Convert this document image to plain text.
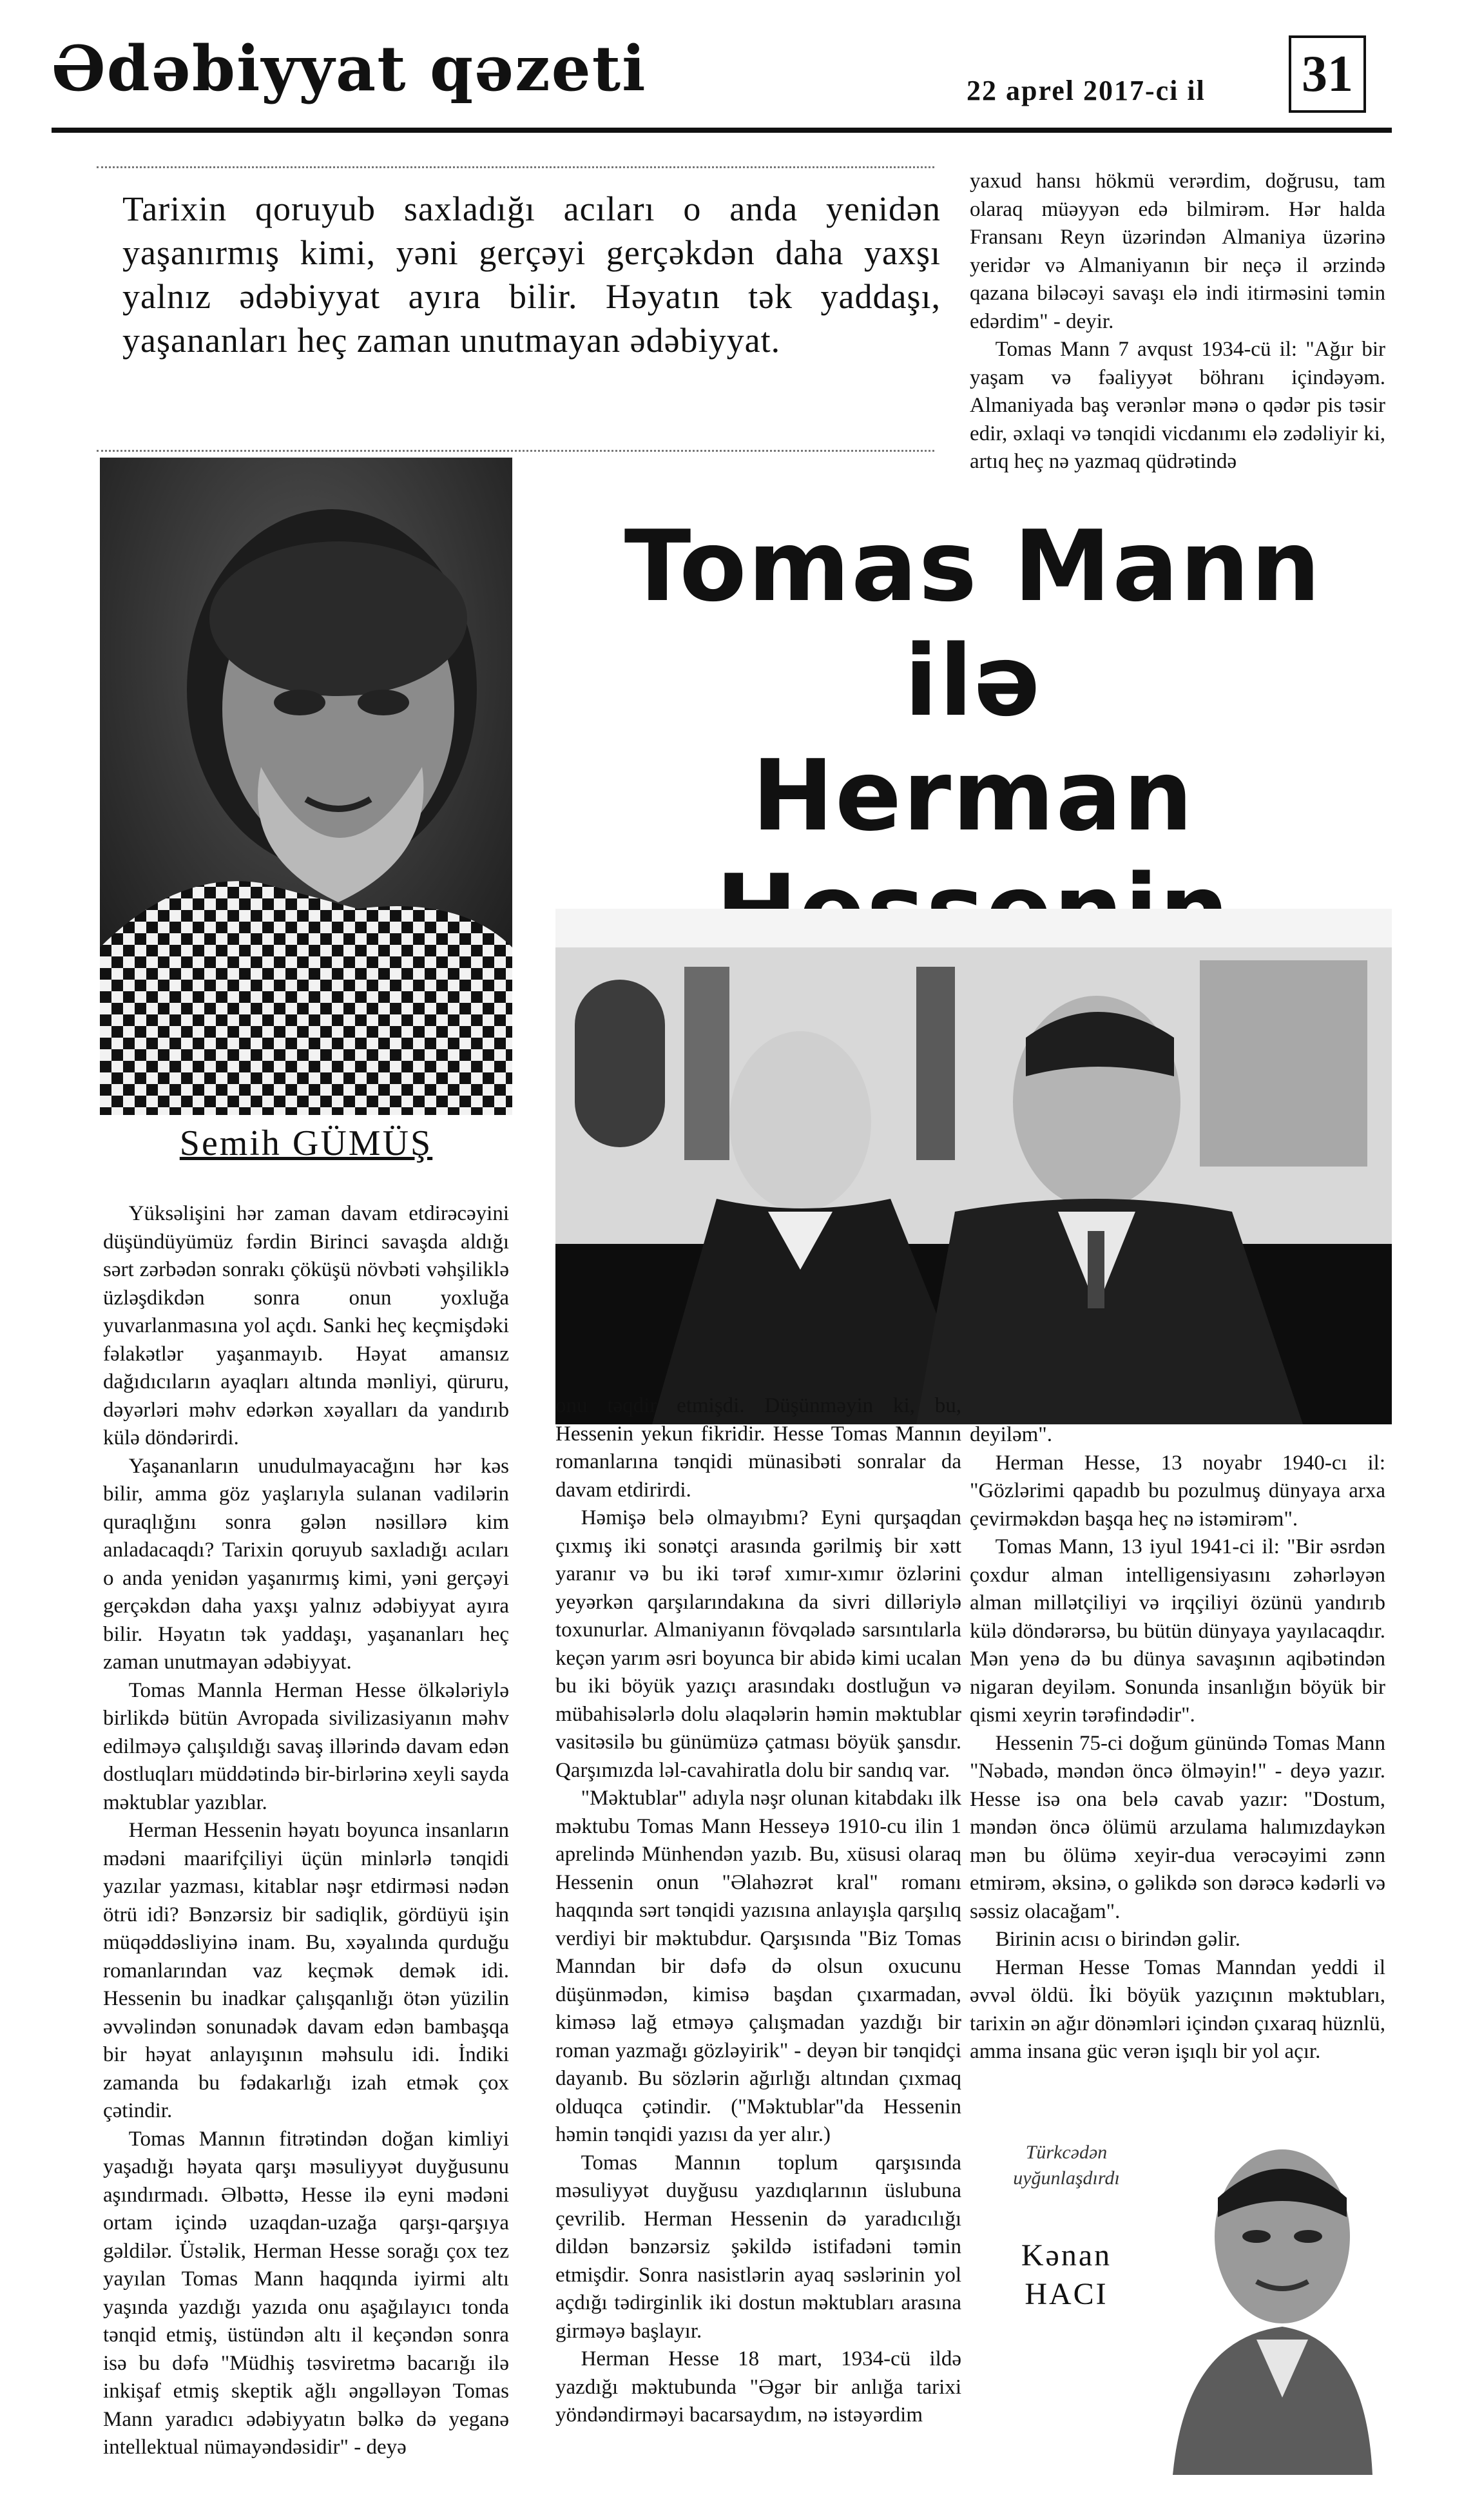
Ədəbiyyat qəzeti	22 aprel 2017-ci il 31
Tarixin qoruyub saxladığı acıları o anda yenidən yaşanırmış kimi, yəni gerçəyi gerçəkdən daha yaxşı yalnız ədəbiyyat ayıra bilir. Həyatın tək yaddaşı, yaşananları heç zaman unutmayan ədəbiyyat.

yaxud hansı hökmü verərdim, doğrusu, tam olaraq müəyyən edə bilmirəm. Hər halda Fransanı Reyn üzərindən Almaniya üzərinə yeridər və Almaniyanın bir neçə il ərzində qazana biləcəyi savaşı elə indi itirməsini təmin edərdim" - deyir.

Tomas Mann 7 avqust 1934-cü il: "Ağır bir yaşam və fəaliyyət böhranı içindəyəm. Almaniyada baş verənlər mənə o qədər pis təsir edir, əxlaqi və tənqidi vicdanımı elə zədəliyir ki, artıq heç nə yazmaq qüdrətində

Semih GÜMÜŞ
Tomas Mann ilə
Herman

Yüksəlişini hər zaman davam etdirəcəyini düşündüyümüz fərdin Birinci savaşda aldığı sərt zərbədən sonrakı çöküşü növbəti vəhşiliklə üzləşdikdən sonra onun yoxluğa yuvarlanmasına yol açdı. Sanki heç keçmişdəki fəlakətlər yaşanmayıb. Həyat amansız dağıdıcıların ayaqları altında mənliyi, qüruru, dəyərləri məhv edərkən xəyalları da yandırıb külə döndərirdi.

Yaşananların unudulmayacağını hər kəs bilir, amma göz yaşlarıyla sulanan vadilərin quraqlığını sonra gələn nəsillərə kim anladacaqdı? Tarixin qoruyub saxladığı acıları o anda yenidən yaşanırmış kimi, yəni gerçəyi gerçəkdən daha yaxşı yalnız ədəbiyyat ayıra bilir. Həyatın tək yaddaşı, yaşananları heç zaman unutmayan ədəbiyyat.

Tomas Mannla Herman Hesse ölkələriylə birlikdə bütün Avropada sivilizasiyanın məhv edilməyə çalışıldığı savaş illərində davam edən dostluqları müddətində bir-birlərinə xeyli sayda məktublar yazıblar.

Herman Hessenin həyatı boyunca insanların mədəni maarifçiliyi üçün minlərlə tənqidi yazılar yazması, kitablar nəşr etdirməsi nədən ötrü idi? Bənzərsiz bir sadiqlik, gördüyü işin müqəddəsliyinə inam. Bu, xəyalında qurduğu romanlarından vaz keçmək demək idi. Hessenin bu inadkar çalışqanlığı ötən yüzilin əvvəlindən sonunadək davam edən bambaşqa bir həyat anlayışının məhsulu idi. İndiki zamanda bu fədakarlığı izah etmək çox çətindir.

Tomas Mannın fitrətindən doğan kimliyi yaşadığı həyata qarşı məsuliyyət duyğusunu aşındırmadı. Əlbəttə, Hesse ilə eyni mədəni ortam içində uzaqdan-uzağa qarşı-qarşıya gəldilər. Üstəlik, Herman Hesse sorağı çox tez yayılan Tomas Mann haqqında iyirmi altı yaşında yazdığı yazıda onu aşağılayıcı tonda tənqid etmiş, üstündən altı il keçəndən sonra isə bu dəfə "Müdhiş təsviretmə bacarığı ilə inkişaf etmiş skeptik ağlı əngəlləyən Tomas Mann yaradıcı ədəbiyyatın bəlkə də yeganə intellektual nümayəndəsidir" - deyə

onu təqdir etmişdi. Düşünməyin ki, bu, Hessenin yekun fikridir. Hesse Tomas Mannın romanlarına tənqidi münasibəti sonralar da davam etdirirdi.

Həmişə belə olmayıbmı? Eyni qurşaqdan çıxmış iki sonətçi arasında gərilmiş bir xətt yaranır və bu iki tərəf xımır-xımır özlərini yeyərkən qarşılarındakına da sivri dilləriylə toxunurlar. Almaniyanın fövqəladə sarsıntılarla keçən yarım əsri boyunca bir abidə kimi ucalan bu iki böyük yazıçı arasındakı dostluğun və mübahisələrlə dolu əlaqələrin həmin məktublar vasitəsilə bu günümüzə çatması böyük şansdır. Qarşımızda ləl-cavahiratla dolu bir sandıq var.

"Məktublar" adıyla nəşr olunan kitabdakı ilk məktubu Tomas Mann Hesseyə 1910-cu ilin 1 aprelində Münhendən yazıb. Bu, xüsusi olaraq Hessenin onun "Əlahəzrət kral" romanı haqqında sərt tənqidi yazısına anlayışla qarşılıq verdiyi bir məktubdur. Qarşısında "Biz Tomas Manndan bir dəfə də olsun oxucunu düşünmədən, kimisə başdan çıxarmadan, kiməsə lağ etməyə çalışmadan yazdığı bir roman yazmağı gözləyirik" - deyən bir tənqidçi dayanıb. Bu sözlərin ağırlığı altından çıxmaq olduqca çətindir. ("Məktublar"da Hessenin həmin tənqidi yazısı da yer alır.)

Tomas Mannın toplum qarşısında məsuliyyət duyğusu yazdıqlarının üslubuna çevrilib. Herman Hessenin də yaradıcılığı dildən bənzərsiz şəkildə istifadəni təmin etmişdir. Sonra nasistlərin ayaq səslərinin yol açdığı tədirginlik iki dostun məktubları arasına girməyə başlayır.

Herman Hesse 18 mart, 1934-cü ildə yazdığı məktubunda "Əgər bir anlığa tarixi yöndəndirməyi bacarsaydım, nə istəyərdim

deyiləm".

Herman Hesse, 13 noyabr 1940-cı il: "Gözlərimi qapadıb bu pozulmuş dünyaya arxa çevirməkdən başqa heç nə istəmirəm".

Tomas Mann, 13 iyul 1941-ci il: "Bir əsrdən çoxdur alman intelligensiyasını zəhərləyən alman millətçiliyi və irqçiliyi özünü yandırıb külə döndərərsə, bu bütün dünyaya yayılacaqdır. Mən yenə də bu dünya savaşının aqibətindən nigaran deyiləm. Sonunda insanlığın böyük bir qismi xeyrin tərəfindədir".

Hessenin 75-ci doğum günündə Tomas Mann "Nəbadə, məndən öncə ölməyin!" - deyə yazır. Hesse isə ona belə cavab yazır: "Dostum, məndən öncə ölümü arzulama halımızdaykən mən bu ölümə xeyir-dua verəcəyimi zənn etmirəm, əksinə, o gəlikdə son dərəcə kədərli və səssiz olacağam".

Birinin acısı o birindən gəlir.

Herman Hesse Tomas Manndan yeddi il əvvəl öldü. İki böyük yazıçının məktubları, tarixin ən ağır dönəmləri içindən çıxaraq hüznlü, amma insana güc verən işıqlı bir yol açır.

Türkcədən
uyğunlaşdırdı
Kənan
HACI
